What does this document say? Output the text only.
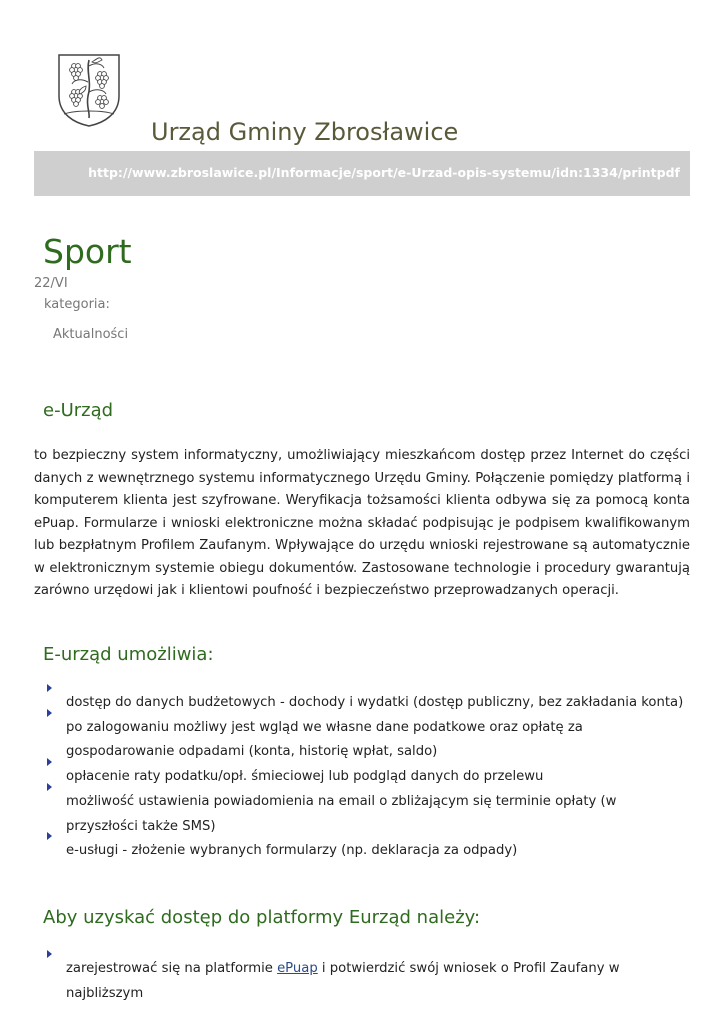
Urząd Gminy Zbrosławice
http://www.zbroslawice.pl/Informacje/sport/e-Urzad-opis-systemu/idn:1334/printpdf
Sport
22/VI
kategoria:
Aktualności
e-Urząd

to bezpieczny system informatyczny, umożliwiający mieszkańcom dostęp przez Internet do części danych z wewnętrznego systemu informatycznego Urzędu Gminy. Połączenie pomiędzy platformą i komputerem klienta jest szyfrowane. Weryfikacja tożsamości klienta odbywa się za pomocą konta ePuap. Formularze i wnioski elektroniczne można składać podpisując je podpisem kwalifikowanym lub bezpłatnym Profilem Zaufanym. Wpływające do urzędu wnioski rejestrowane są automatycznie w elektronicznym systemie obiegu dokumentów. Zastosowane technologie i procedury gwarantują zarówno urzędowi jak i klientowi poufność i bezpieczeństwo przeprowadzanych operacji.

E-urząd umożliwia:
dostęp do danych budżetowych - dochody i wydatki (dostęp publiczny, bez zakładania konta)
po zalogowaniu możliwy jest wgląd we własne dane podatkowe oraz opłatę za gospodarowanie odpadami (konta, historię wpłat, saldo)
opłacenie raty podatku/opł. śmieciowej lub podgląd danych do przelewu
możliwość ustawienia powiadomienia na email o zbliżającym się terminie opłaty (w przyszłości także SMS)
e-usługi - złożenie wybranych formularzy (np. deklaracja za odpady)
Aby uzyskać dostęp do platformy Eurząd należy:
zarejestrować się na platformie ePuap i potwierdzić swój wniosek o Profil Zaufany w najbliższym
